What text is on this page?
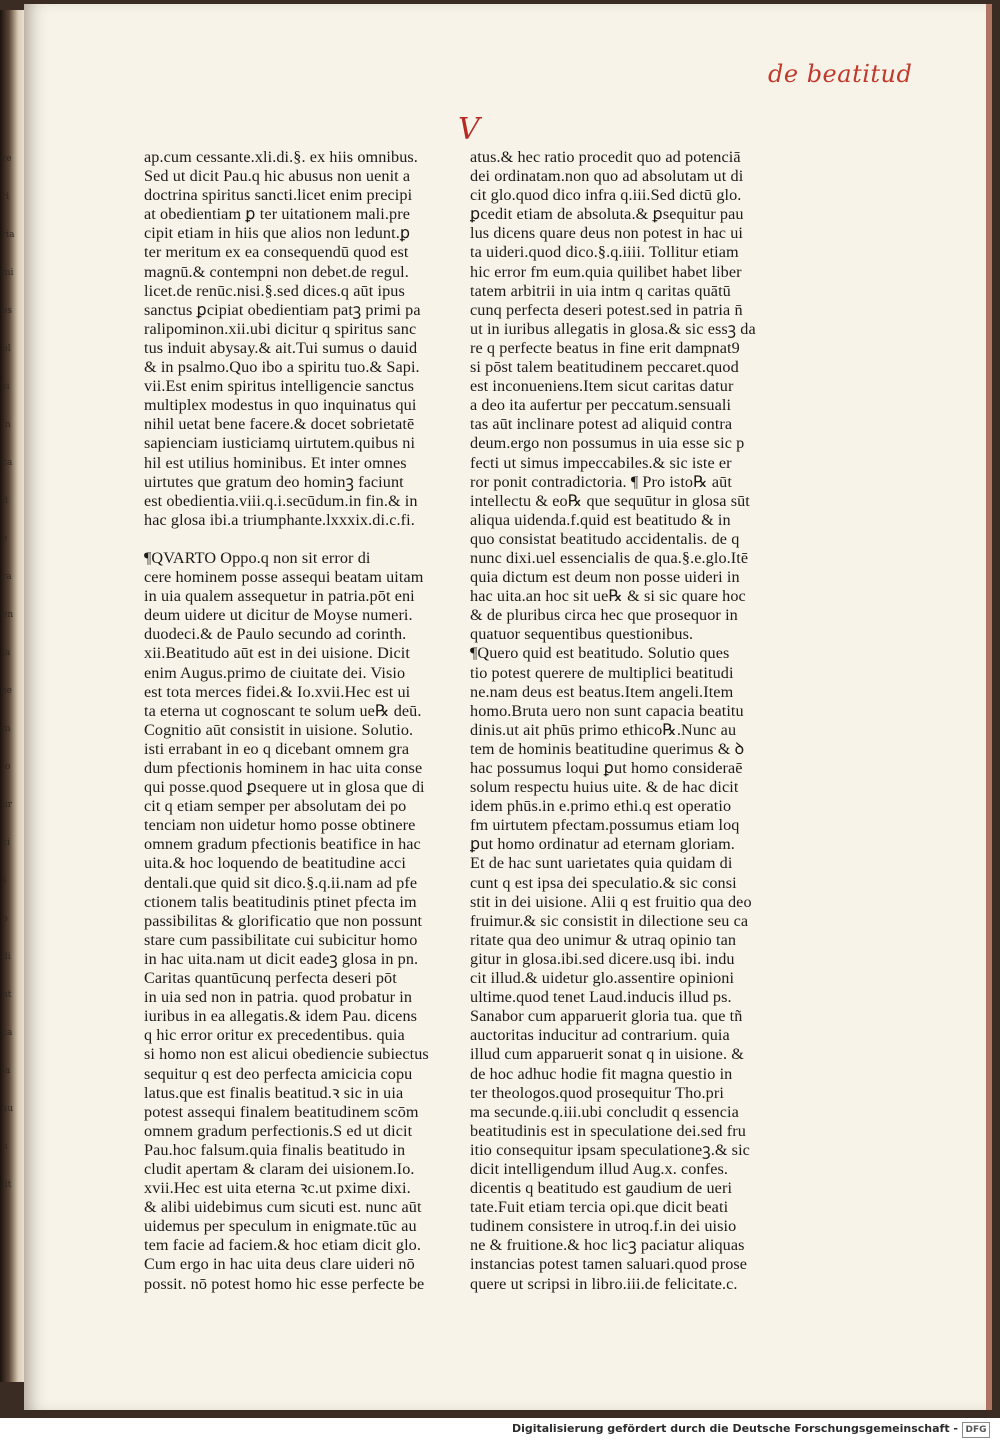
re
ri
ria
mi
es
pl
si
in
ca
it
e
ra
en
ia
se
m
io
ur
ci
s
p
di
nt
ca
ia
au
u
lit
de beatitud
V
ap.cum cessante.xli.di.§. ex hiis omnibus.
Sed ut dicit Pau.q hic abusus non uenit a
doctrina spiritus sancti.licet enim precipi
at obedientiam ꝑ ter uitationem mali.pre
cipit etiam in hiis que alios non ledunt.ꝑ
ter meritum ex ea consequendū quod est
magnū.& contempni non debet.de regul.
licet.de renūc.nisi.§.sed dices.q aūt ipus
sanctus ꝑcipiat obedientiam patꝫ primi pa
ralipominon.xii.ubi dicitur q spiritus sanc
tus induit abysay.& ait.Tui sumus o dauid
& in psalmo.Quo ibo a spiritu tuo.& Sapi.
vii.Est enim spiritus intelligencie sanctus
multiplex modestus in quo inquinatus qui
nihil uetat bene facere.& docet sobrietatē
sapienciam iusticiamq uirtutem.quibus ni
hil est utilius hominibus. Et inter omnes
uirtutes que gratum deo hominꝫ faciunt
est obedientia.viii.q.i.secūdum.in fin.& in
hac glosa ibi.a triumphante.lxxxix.di.c.fi.
¶QVARTO Oppo.q non sit error di
cere hominem posse assequi beatam uitam
in uia qualem assequetur in patria.pōt eni
deum uidere ut dicitur de Moyse numeri.
duodeci.& de Paulo secundo ad corinth.
xii.Beatitudo aūt est in dei uisione. Dicit
enim Augus.primo de ciuitate dei. Visio
est tota merces fidei.& Io.xvii.Hec est ui
ta eterna ut cognoscant te solum ue℞ deū.
Cognitio aūt consistit in uisione. Solutio.
isti errabant in eo q dicebant omnem gra
dum pfectionis hominem in hac uita conse
qui posse.quod ꝑsequere ut in glosa que di
cit q etiam semper per absolutam dei po
tenciam non uidetur homo posse obtinere
omnem gradum pfectionis beatifice in hac
uita.& hoc loquendo de beatitudine acci
dentali.que quid sit dico.§.q.ii.nam ad pfe
ctionem talis beatitudinis ptinet pfecta im
passibilitas & glorificatio que non possunt
stare cum passibilitate cui subicitur homo
in hac uita.nam ut dicit eadeꝫ glosa in pn.
Caritas quantūcunq perfecta deseri pōt
in uia sed non in patria. quod probatur in
iuribus in ea allegatis.& idem Pau. dicens
q hic error oritur ex precedentibus. quia
si homo non est alicui obediencie subiectus
sequitur q est deo perfecta amicicia copu
latus.que est finalis beatitud.ꝛ sic in uia
potest assequi finalem beatitudinem scōm
omnem gradum perfectionis.S ed ut dicit
Pau.hoc falsum.quia finalis beatitudo in
cludit apertam & claram dei uisionem.Io.
xvii.Hec est uita eterna ꝛc.ut pxime dixi.
& alibi uidebimus cum sicuti est. nunc aūt
uidemus per speculum in enigmate.tūc au
tem facie ad faciem.& hoc etiam dicit glo.
Cum ergo in hac uita deus clare uideri nō
possit. nō potest homo hic esse perfecte be
atus.& hec ratio procedit quo ad potenciā
dei ordinatam.non quo ad absolutam ut di
cit glo.quod dico infra q.iii.Sed dictū glo.
ꝑcedit etiam de absoluta.& ꝑsequitur pau
lus dicens quare deus non potest in hac ui
ta uideri.quod dico.§.q.iiii. Tollitur etiam
hic error fm eum.quia quilibet habet liber
tatem arbitrii in uia intm q caritas quātū
cunq perfecta deseri potest.sed in patria n̄
ut in iuribus allegatis in glosa.& sic essꝫ da
re q perfecte beatus in fine erit dampnat9
si pōst talem beatitudinem peccaret.quod
est inconueniens.Item sicut caritas datur
a deo ita aufertur per peccatum.sensuali
tas aūt inclinare potest ad aliquid contra
deum.ergo non possumus in uia esse sic p
fecti ut simus impeccabiles.& sic iste er
ror ponit contradictoria. ¶ Pro isto℞ aūt
intellectu & eo℞ que sequūtur in glosa sūt
aliqua uidenda.f.quid est beatitudo & in
quo consistat beatitudo accidentalis. de q
nunc dixi.uel essencialis de qua.§.e.glo.Itē
quia dictum est deum non posse uideri in
hac uita.an hoc sit ue℞ & si sic quare hoc
& de pluribus circa hec que prosequor in
quatuor sequentibus questionibus.
¶Quero quid est beatitudo. Solutio ques
tio potest querere de multiplici beatitudi
ne.nam deus est beatus.Item angeli.Item
homo.Bruta uero non sunt capacia beatitu
dinis.ut ait phūs primo ethico℞.Nunc au
tem de hominis beatitudine querimus & ꝺ
hac possumus loqui ꝑut homo consideraē
solum respectu huius uite. & de hac dicit
idem phūs.in e.primo ethi.q est operatio
fm uirtutem pfectam.possumus etiam loq
ꝑut homo ordinatur ad eternam gloriam.
Et de hac sunt uarietates quia quidam di
cunt q est ipsa dei speculatio.& sic consi
stit in dei uisione. Alii q est fruitio qua deo
fruimur.& sic consistit in dilectione seu ca
ritate qua deo unimur & utraq opinio tan
gitur in glosa.ibi.sed dicere.usq ibi. indu
cit illud.& uidetur glo.assentire opinioni
ultime.quod tenet Laud.inducis illud ps.
Sanabor cum apparuerit gloria tua. que tñ
auctoritas inducitur ad contrarium. quia
illud cum apparuerit sonat q in uisione. &
de hoc adhuc hodie fit magna questio in
ter theologos.quod prosequitur Tho.pri
ma secunde.q.iii.ubi concludit q essencia
beatitudinis est in speculatione dei.sed fru
itio consequitur ipsam speculationeꝫ.& sic
dicit intelligendum illud Aug.x. confes.
dicentis q beatitudo est gaudium de ueri
tate.Fuit etiam tercia opi.que dicit beati
tudinem consistere in utroq.f.in dei uisio
ne & fruitione.& hoc licꝫ paciatur aliquas
instancias potest tamen saluari.quod prose
quere ut scripsi in libro.iii.de felicitate.c.
Digitalisierung gefördert durch die Deutsche Forschungsgemeinschaft - DFG
